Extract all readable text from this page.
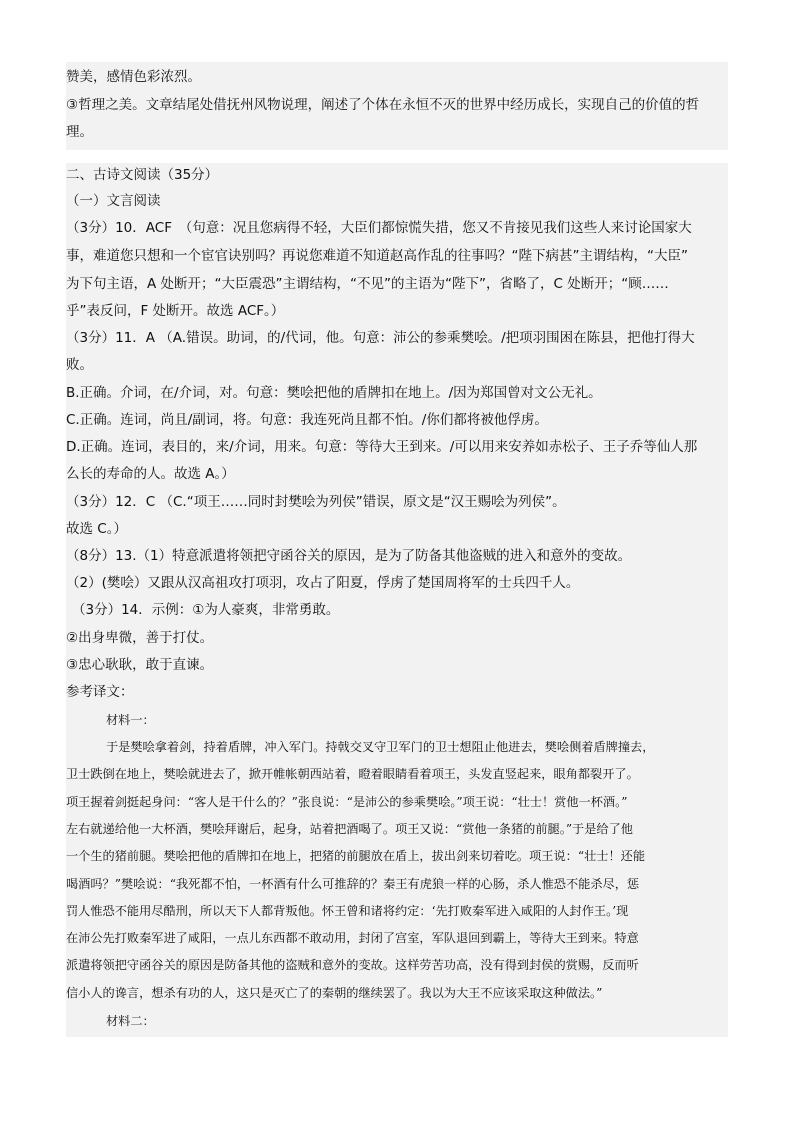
赞美，感情色彩浓烈。
③哲理之美。文章结尾处借抚州风物说理，阐述了个体在永恒不灭的世界中经历成长，实现自己的价值的哲
理。
二、古诗文阅读（35分）
（一）文言阅读
（3分）10．ACF　（句意：况且您病得不轻，大臣们都惊慌失措，您又不肯接见我们这些人来讨论国家大
事，难道您只想和一个宦官诀别吗？再说您难道不知道赵高作乱的往事吗？“陛下病甚”主谓结构，“大臣”
为下句主语，A 处断开；“大臣震恐”主谓结构，“不见”的主语为“陛下”，省略了，C 处断开；“顾……
乎”表反问，F 处断开。故选 ACF。）
（3分）11．A （A.错误。助词，的/代词，他。句意：沛公的参乘樊哙。/把项羽围困在陈县，把他打得大
败。
B.正确。介词，在/介词，对。句意：樊哙把他的盾牌扣在地上。/因为郑国曾对文公无礼。
C.正确。连词，尚且/副词，将。句意：我连死尚且都不怕。/你们都将被他俘虏。
D.正确。连词，表目的，来/介词，用来。句意：等待大王到来。/可以用来安养如赤松子、王子乔等仙人那
么长的寿命的人。故选 A。）
（3分）12．C （C.“项王……同时封樊哙为列侯”错误，原文是“汉王赐哙为列侯”。
故选 C。）
（8分）13.（1）特意派遣将领把守函谷关的原因，是为了防备其他盗贼的进入和意外的变故。
（2）(樊哙）又跟从汉高祖攻打项羽，攻占了阳夏，俘虏了楚国周将军的士兵四千人。
（3分）14．示例：①为人豪爽，非常勇敢。
②出身卑微，善于打仗。
③忠心耿耿，敢于直谏。
参考译文：
材料一：
于是樊哙拿着剑，持着盾牌，冲入军门。持戟交叉守卫军门的卫士想阻止他进去，樊哙侧着盾牌撞去，
卫士跌倒在地上，樊哙就进去了，掀开帷帐朝西站着，瞪着眼睛看着项王，头发直竖起来，眼角都裂开了。
项王握着剑挺起身问：“客人是干什么的？”张良说：“是沛公的参乘樊哙。”项王说：“壮士！赏他一杯酒。”
左右就递给他一大杯酒，樊哙拜谢后，起身，站着把酒喝了。项王又说：“赏他一条猪的前腿。”于是给了他
一个生的猪前腿。樊哙把他的盾牌扣在地上，把猪的前腿放在盾上，拔出剑来切着吃。项王说：“壮士！还能
喝酒吗？”樊哙说：“我死都不怕，一杯酒有什么可推辞的？秦王有虎狼一样的心肠，杀人惟恐不能杀尽，惩
罚人惟恐不能用尽酷刑，所以天下人都背叛他。怀王曾和诸将约定：‘先打败秦军进入咸阳的人封作王。’现
在沛公先打败秦军进了咸阳，一点儿东西都不敢动用，封闭了宫室，军队退回到霸上，等待大王到来。特意
派遣将领把守函谷关的原因是防备其他的盗贼和意外的变故。这样劳苦功高，没有得到封侯的赏赐，反而听
信小人的谗言，想杀有功的人，这只是灭亡了的秦朝的继续罢了。我以为大王不应该采取这种做法。”
材料二：
